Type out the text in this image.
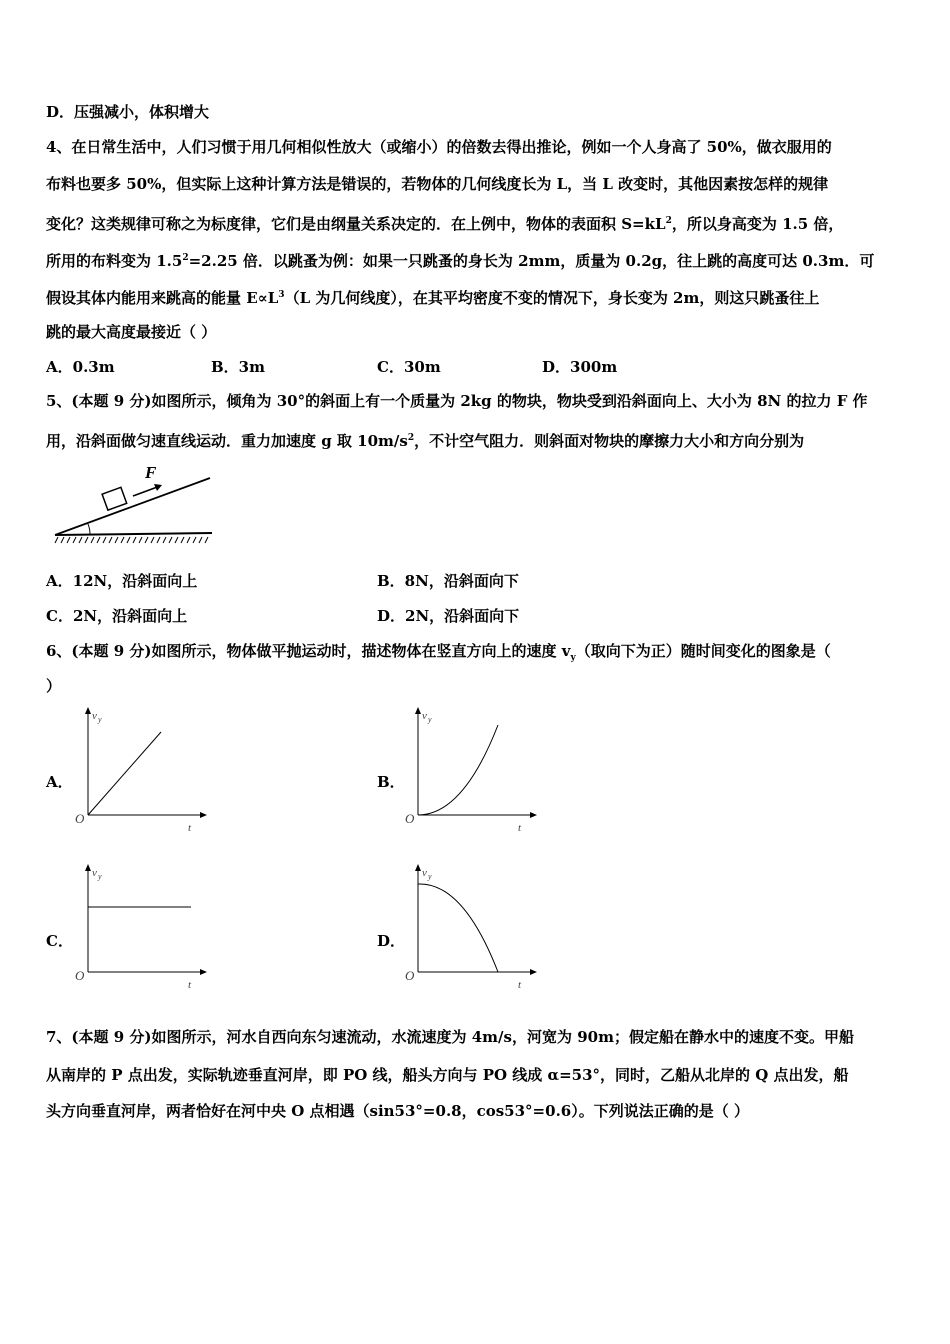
D．压强减小，体积增大
4、在日常生活中，人们习惯于用几何相似性放大（或缩小）的倍数去得出推论，例如一个人身高了 50%，做衣服用的
布料也要多 50%，但实际上这种计算方法是错误的，若物体的几何线度长为 L，当 L 改变时，其他因素按怎样的规律
变化？这类规律可称之为标度律，它们是由纲量关系决定的．在上例中，物体的表面积 $S=kL^2$，所以身高变为 1.5 倍，
所用的布料变为 $1.5^2=2.25$ 倍．以跳蚤为例：如果一只跳蚤的身长为 2mm，质量为 0.2g，往上跳的高度可达 0.3m．可
假设其体内能用来跳高的能量 $E\propto L^3(L$ 为几何线度），在其平均密度不变的情况下，身长变为 2m，则这只跳蚤往上
跳的最大高度最接近（ ）
A．0.3m	B．3m	C．30m	D．300m
5、(本题 9 分)如图所示，倾角为 30°的斜面上有一个质量为 2kg 的物块，物块受到沿斜面向上、大小为 8N 的拉力 F 作
用，沿斜面做匀速直线运动．重力加速度 g 取 $10m/s^2$，不计空气阻力．则斜面对物块的摩擦力大小和方向分别为
F
A．12N，沿斜面向上	B．8N，沿斜面向下
C．2N，沿斜面向上	D．2N，沿斜面向下
6、(本题 9 分)如图所示，物体做平抛运动时，描述物体在竖直方向上的速度 $v_y$（取向下为正）随时间变化的图象是（
）
A．
v y
t
O
B．
v y
t
O
C．
v y
t
O
D．
v y
t
O
7、(本题 9 分)如图所示，河水自西向东匀速流动，水流速度为 4m/s，河宽为 90m；假定船在静水中的速度不变。甲船
从南岸的 P 点出发，实际轨迹垂直河岸，即 PO 线，船头方向与 PO 线成 α=53°，同时，乙船从北岸的 Q 点出发，船
头方向垂直河岸，两者恰好在河中央 O 点相遇（sin53°=0.8，cos53°=0.6）。下列说法正确的是（ ）
